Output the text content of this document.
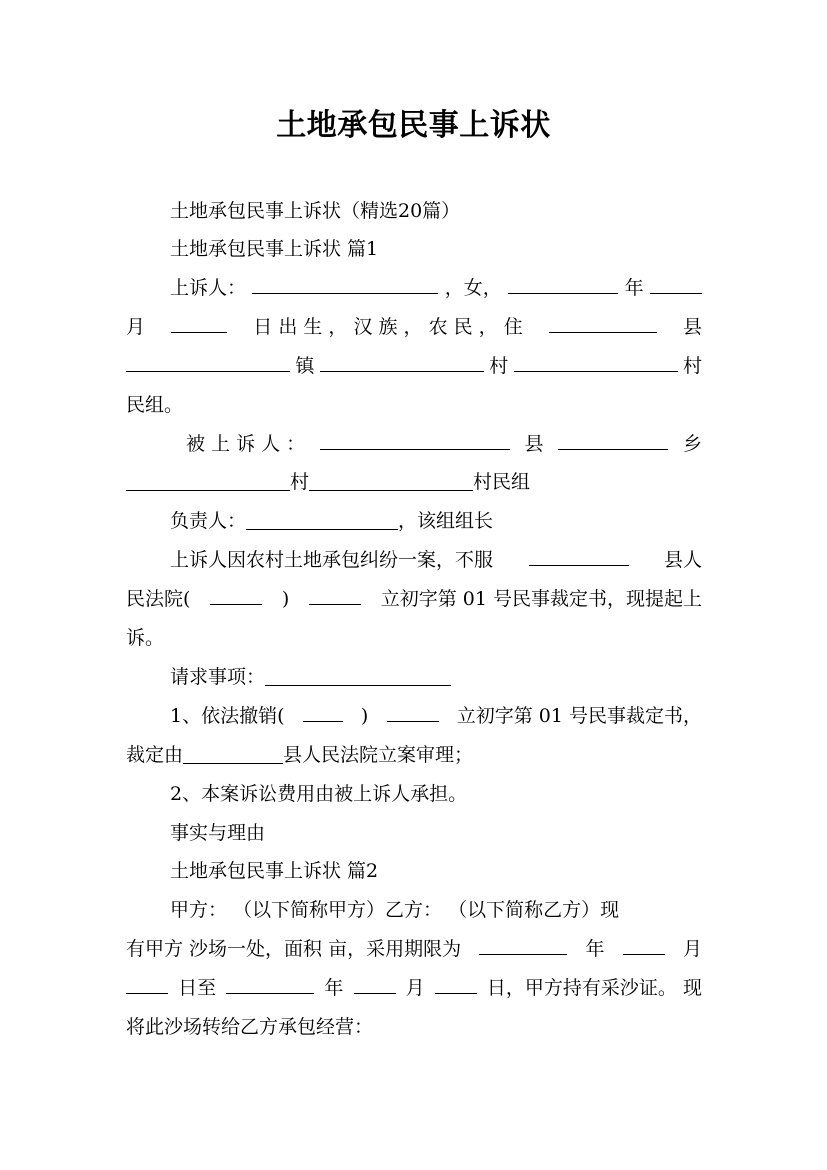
土地承包民事上诉状
土地承包民事上诉状（精选20篇）
土地承包民事上诉状 篇1
上诉人：	，女，	年
月	日 出 生 ， 汉 族 ， 农 民 ， 住	县
镇	村	村
民组。
被 上 诉 人 ：	县	乡
村	村民组
负责人：	，该组组长
上诉人因农村土地承包纠纷一案，不服	县人
民法院(	)	立初字第 01 号民事裁定书，现提起上
诉。
请求事项：
1、依法撤销(	)	立初字第 01 号民事裁定书，
裁定由	县人民法院立案审理；
2、本案诉讼费用由被上诉人承担。
事实与理由
土地承包民事上诉状 篇2
甲方： （以下简称甲方）乙方： （以下简称乙方）现
有甲方 沙场一处，面积 亩，采用期限为	年	月
日至	年	月	日，甲方持有采沙证。 现
将此沙场转给乙方承包经营：
